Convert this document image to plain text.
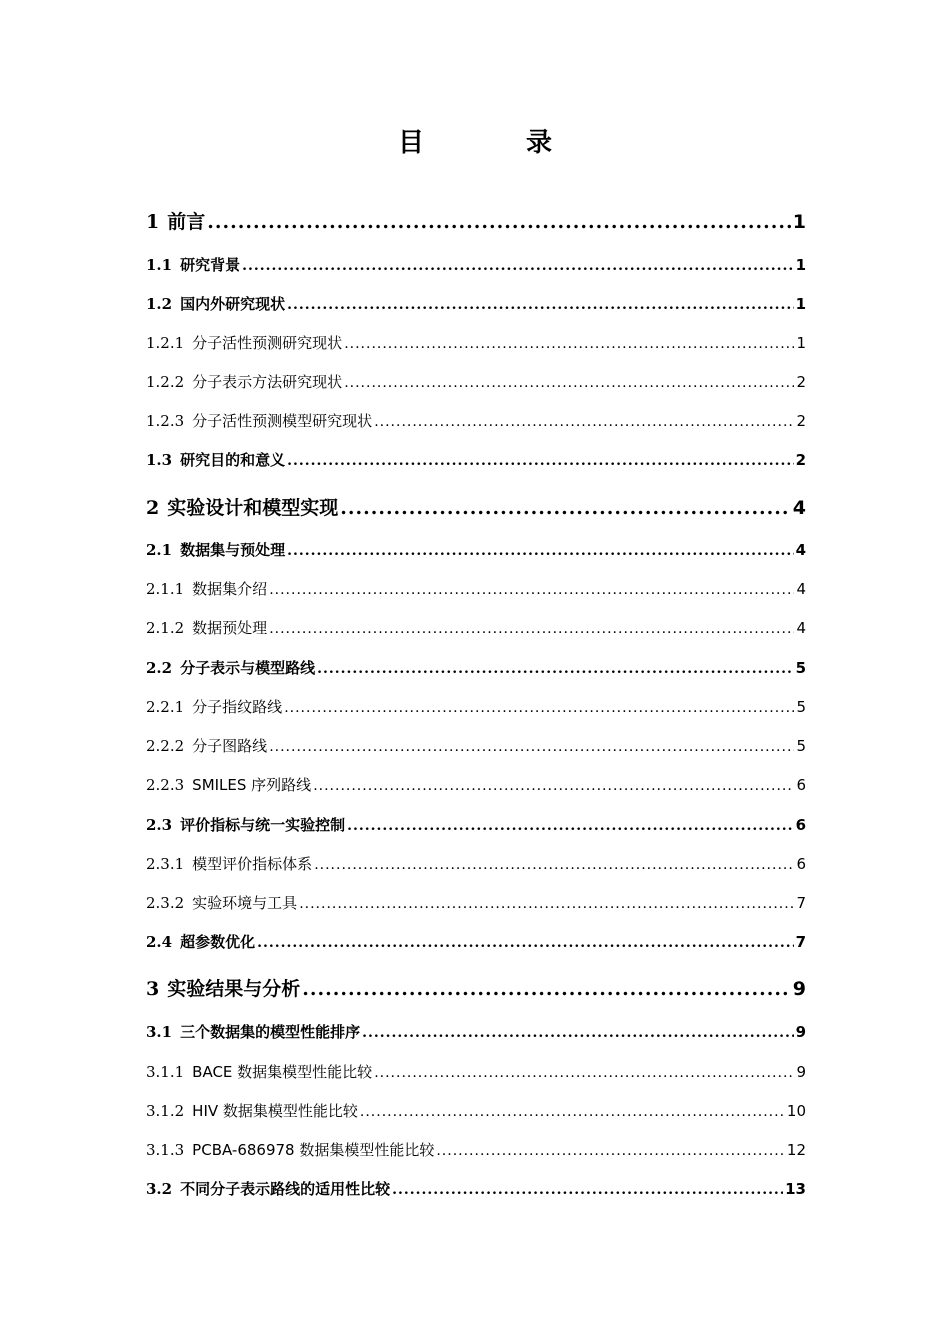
目　录
1 前言 .....	1
1.1 研究背景 .....	1
1.2 国内外研究现状 .....	1
1.2.1 分子活性预测研究现状 .....	1
1.2.2 分子表示方法研究现状 .....	2
1.2.3 分子活性预测模型研究现状 .....	2
1.3 研究目的和意义 .....	2
2 实验设计和模型实现 .....	4
2.1 数据集与预处理 .....	4
2.1.1 数据集介绍 .....	4
2.1.2 数据预处理 .....	4
2.2 分子表示与模型路线 .....	5
2.2.1 分子指纹路线 .....	5
2.2.2 分子图路线 .....	5
2.2.3 SMILES 序列路线 .....	6
2.3 评价指标与统一实验控制 .....	6
2.3.1 模型评价指标体系 .....	6
2.3.2 实验环境与工具 .....	7
2.4 超参数优化 .....	7
3 实验结果与分析 .....	9
3.1 三个数据集的模型性能排序 .....	9
3.1.1 BACE 数据集模型性能比较 .....	9
3.1.2 HIV 数据集模型性能比较 .....	10
3.1.3 PCBA-686978 数据集模型性能比较 .....	12
3.2 不同分子表示路线的适用性比较 .....	13
